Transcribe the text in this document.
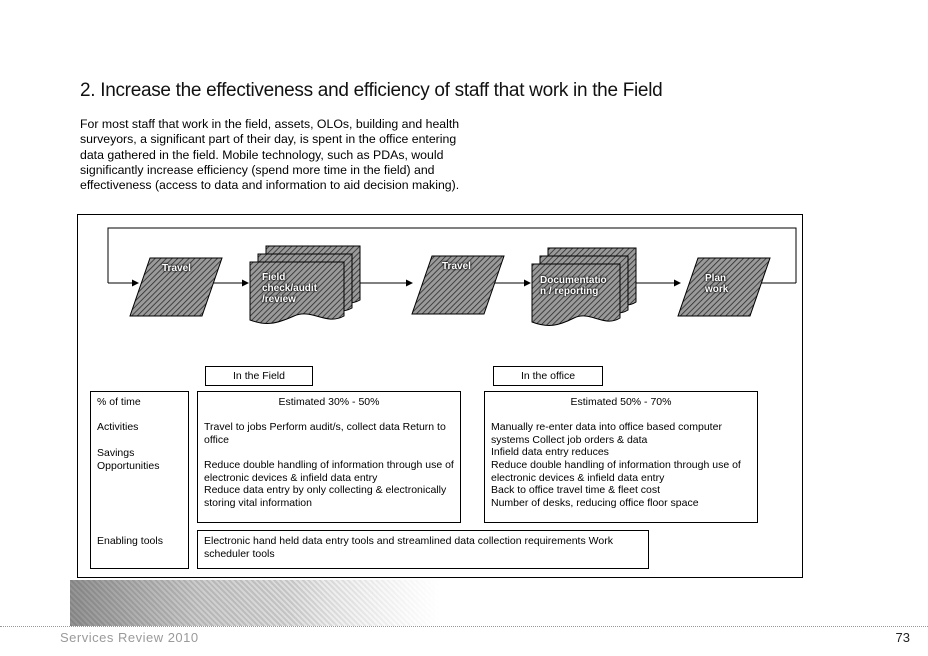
2. Increase the effectiveness and efficiency of staff that work in the Field
For most staff that work in the field, assets, OLOs, building and health surveyors, a significant part of their day, is spent in the office entering data gathered in the field. Mobile technology, such as PDAs, would significantly increase efficiency (spend more time in the field) and effectiveness (access to data and information to aid decision making).
Travel
Field check/audit /review
Travel
Documentation / reporting
Plan work
In the Field	In the office
% of time
Activities
Savings Opportunities
Enabling tools
Estimated 30% - 50%
Travel to jobs Perform audit/s, collect data Return to office
Reduce double handling of information through use of electronic devices & infield data entry
Reduce data entry by only collecting & electronically storing vital information
Estimated 50% - 70%
Manually re-enter data into office based computer systems Collect job orders & data
Infield data entry reduces
Reduce double handling of information through use of electronic devices & infield data entry
Back to office travel time & fleet cost
Number of desks, reducing office floor space
Electronic hand held data entry tools and streamlined data collection requirements Work scheduler tools
Services Review 2010	73
